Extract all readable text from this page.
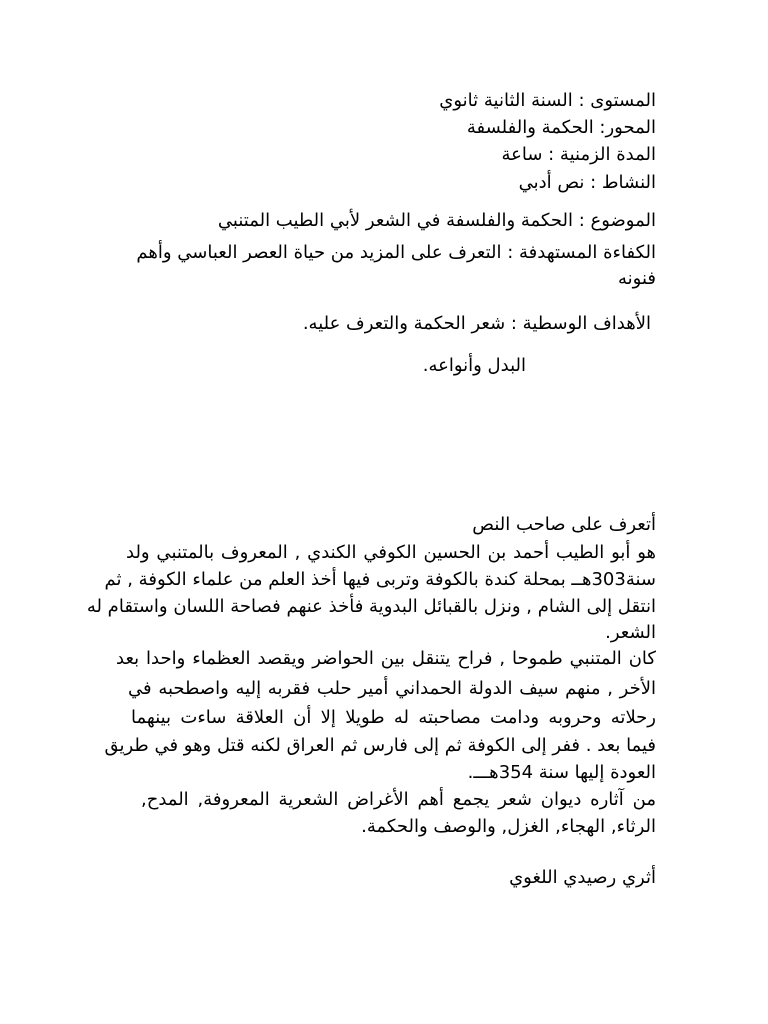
المستوى : السنة الثانية ثانوي
المحور: الحكمة والفلسفة
المدة الزمنية : ساعة
النشاط : نص أدبي
الموضوع : الحكمة والفلسفة في الشعر لأبي الطيب المتنبي
الكفاءة المستهدفة : التعرف على المزيد من حياة العصر العباسي وأهم
فنونه
الأهداف الوسطية : شعر الحكمة والتعرف عليه.
البدل وأنواعه.
أتعرف على صاحب النص
هو أبو الطيب أحمد بن الحسين الكوفي الكندي , المعروف بالمتنبي ولد
سنة303هــ بمحلة كندة بالكوفة وتربى فيها أخذ العلم من علماء الكوفة , ثم
انتقل إلى الشام , ونزل بالقبائل البدوية فأخذ عنهم فصاحة اللسان واستقام له
الشعر.
كان المتنبي طموحا , فراح يتنقل بين الحواضر ويقصد العظماء واحدا بعد
الأخر , منهم سيف الدولة الحمداني أمير حلب فقربه إليه واصطحبه في
رحلاته وحروبه ودامت مصاحبته له طويلا إلا أن العلاقة ساءت بينهما
فيما بعد . ففر إلى الكوفة ثم إلى فارس ثم العراق لكنه قتل وهو في طريق
العودة إليها سنة 354هـــ.
من آثاره ديوان شعر يجمع أهم الأغراض الشعرية المعروفة, المدح,
الرثاء, الهجاء, الغزل, والوصف والحكمة.
أثري رصيدي اللغوي
